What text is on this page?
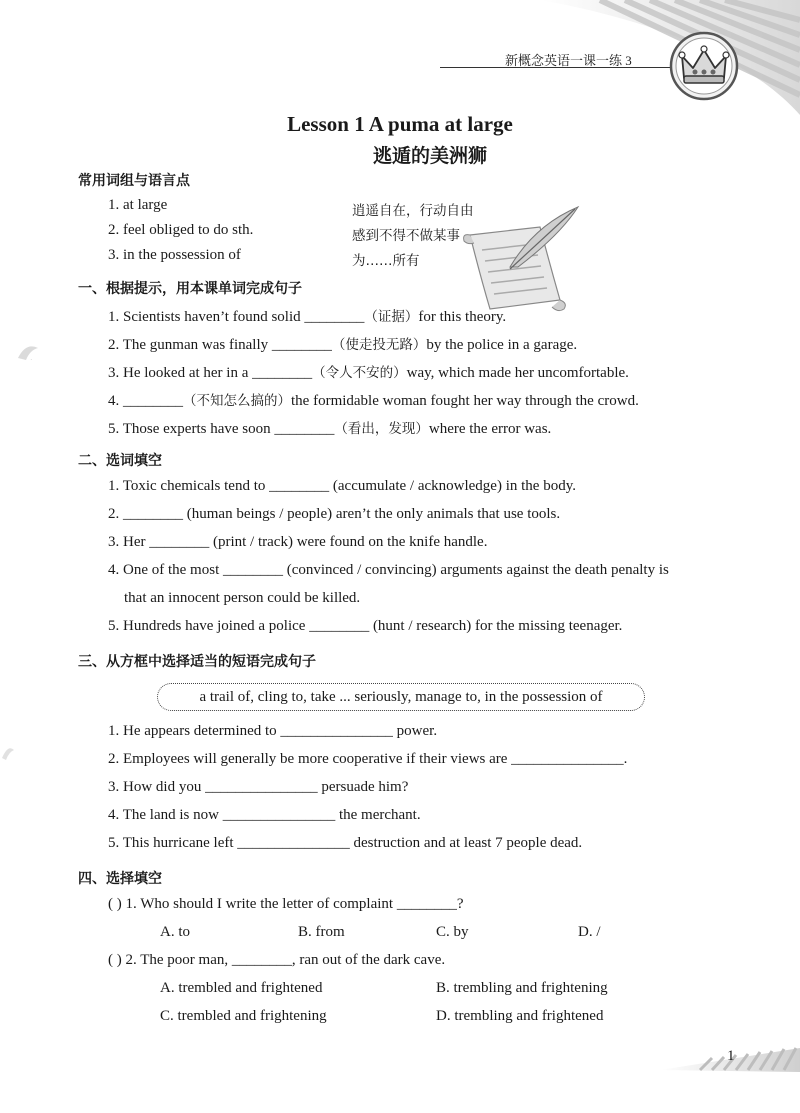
新概念英语一课一练 3
Lesson 1 A puma at large
逃遁的美洲狮
.
常用词组与语言点
1. at large	逍遥自在，行动自由
2. feel obliged to do sth.	感到不得不做某事
3. in the possession of	为……所有
一、根据提示，用本课单词完成句子
1. Scientists haven’t found solid ________（证据）for this theory.
2. The gunman was finally ________（使走投无路）by the police in a garage.
3. He looked at her in a ________（令人不安的）way, which made her uncomfortable.
4. ________（不知怎么搞的）the formidable woman fought her way through the crowd.
5. Those experts have soon ________（看出，发现）where the error was.
二、选词填空
1. Toxic chemicals tend to ________ (accumulate / acknowledge) in the body.
2. ________ (human beings / people) aren’t the only animals that use tools.
3. Her ________ (print / track) were found on the knife handle.
4. One of the most ________ (convinced / convincing) arguments against the death penalty is
that an innocent person could be killed.
5. Hundreds have joined a police ________ (hunt / research) for the missing teenager.
三、从方框中选择适当的短语完成句子
a trail of, cling to, take ... seriously, manage to, in the possession of
1. He appears determined to _______________ power.
2. Employees will generally be more cooperative if their views are _______________.
3. How did you _______________ persuade him?
4. The land is now _______________ the merchant.
5. This hurricane left _______________ destruction and at least 7 people dead.
四、选择填空
( ) 1. Who should I write the letter of complaint ________?
A. to	B. from	C. by	D. /
( ) 2. The poor man, ________, ran out of the dark cave.
A. trembled and frightened	B. trembling and frightening
C. trembled and frightening	D. trembling and frightened
1
